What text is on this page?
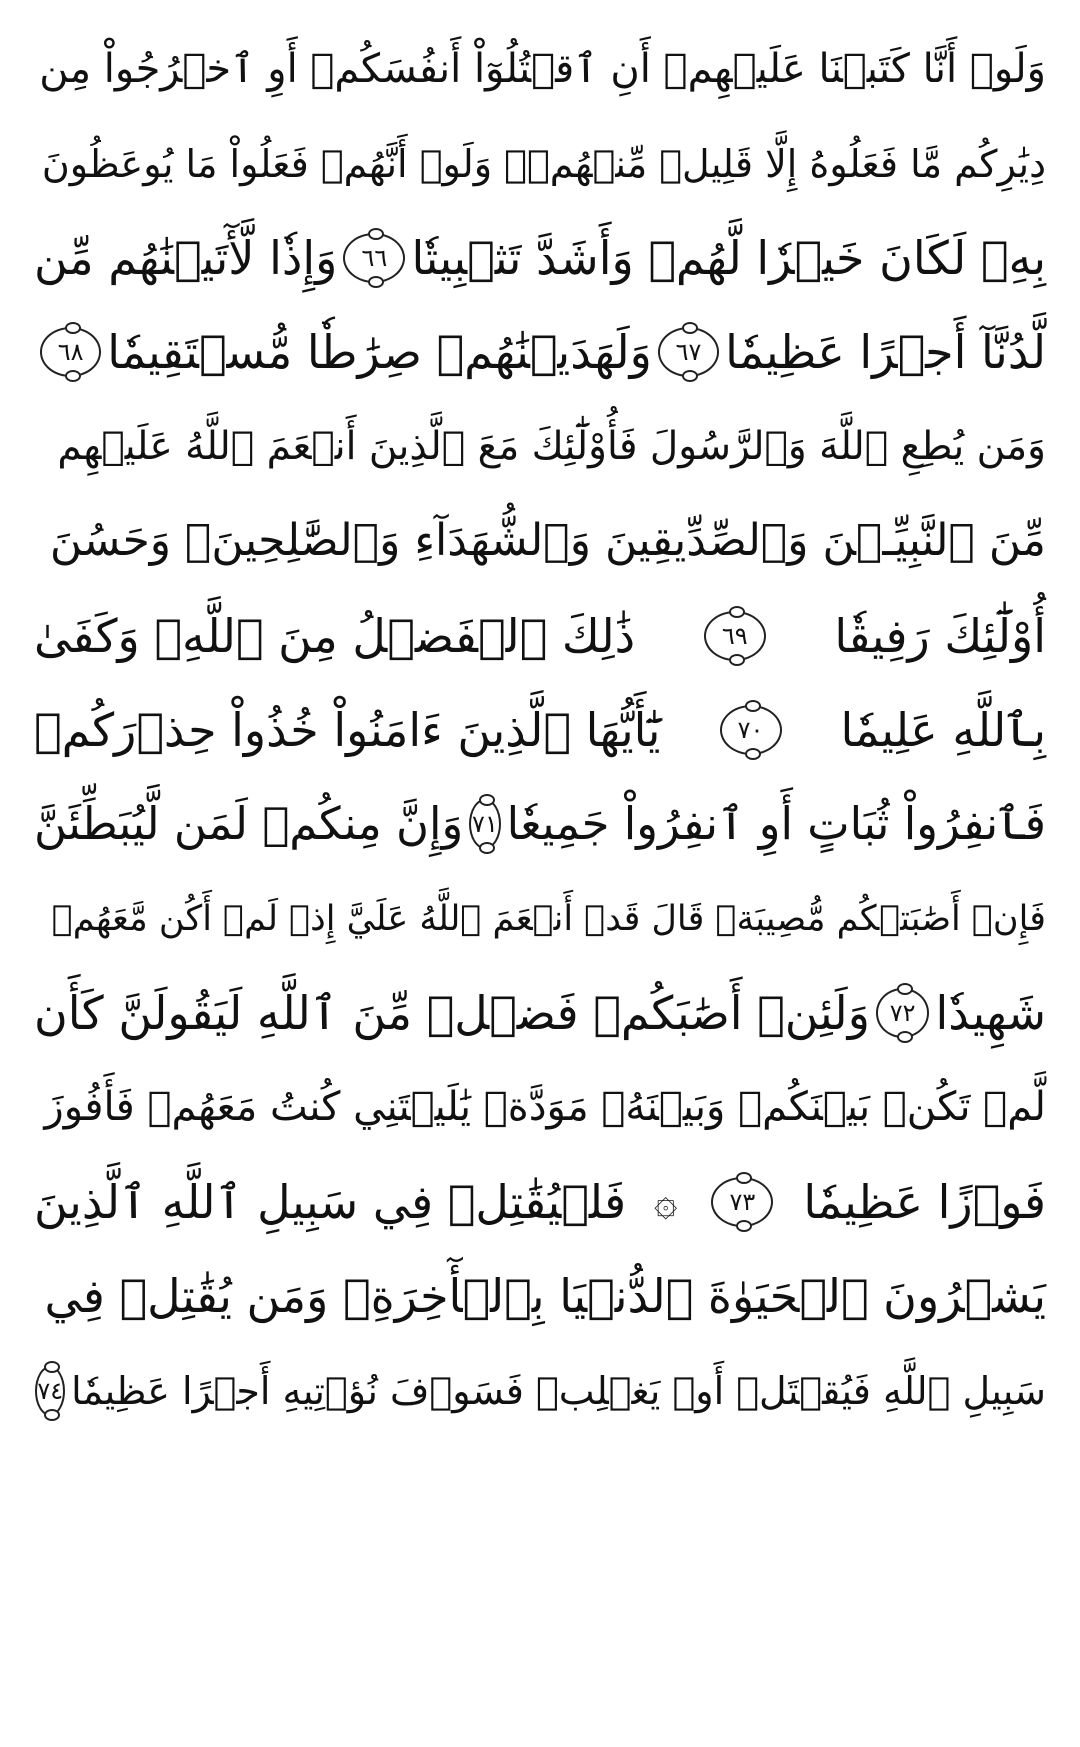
وَلَوۡ أَنَّا كَتَبۡنَا عَلَيۡهِمۡ أَنِ ٱقۡتُلُوٓاْ أَنفُسَكُمۡ أَوِ ٱخۡرُجُواْ مِن
دِيَٰرِكُم مَّا فَعَلُوهُ إِلَّا قَلِيلٞ مِّنۡهُمۡۖ وَلَوۡ أَنَّهُمۡ فَعَلُواْ مَا يُوعَظُونَ
بِهِۦ لَكَانَ خَيۡرٗا لَّهُمۡ وَأَشَدَّ تَثۡبِيتٗا
٦٦
وَإِذٗا لَّأٓتَيۡنَٰهُم مِّن
لَّدُنَّآ أَجۡرًا عَظِيمٗا
٦٧
وَلَهَدَيۡنَٰهُمۡ صِرَٰطٗا مُّسۡتَقِيمٗا
٦٨
وَمَن يُطِعِ ٱللَّهَ وَٱلرَّسُولَ فَأُوْلَٰٓئِكَ مَعَ ٱلَّذِينَ أَنۡعَمَ ٱللَّهُ عَلَيۡهِم
مِّنَ ٱلنَّبِيِّـۧنَ وَٱلصِّدِّيقِينَ وَٱلشُّهَدَآءِ وَٱلصَّٰلِحِينَۚ وَحَسُنَ
أُوْلَٰٓئِكَ رَفِيقٗا
٦٩
ذَٰلِكَ ٱلۡفَضۡلُ مِنَ ٱللَّهِۚ وَكَفَىٰ
بِٱللَّهِ عَلِيمٗا
٧٠
يَٰٓأَيُّهَا ٱلَّذِينَ ءَامَنُواْ خُذُواْ حِذۡرَكُمۡ
فَٱنفِرُواْ ثُبَاتٍ أَوِ ٱنفِرُواْ جَمِيعٗا
٧١
وَإِنَّ مِنكُمۡ لَمَن لَّيُبَطِّئَنَّ
فَإِنۡ أَصَٰبَتۡكُم مُّصِيبَةٞ قَالَ قَدۡ أَنۡعَمَ ٱللَّهُ عَلَيَّ إِذۡ لَمۡ أَكُن مَّعَهُمۡ
شَهِيدٗا
٧٢
وَلَئِنۡ أَصَٰبَكُمۡ فَضۡلٞ مِّنَ ٱللَّهِ لَيَقُولَنَّ كَأَن
لَّمۡ تَكُنۢ بَيۡنَكُمۡ وَبَيۡنَهُۥ مَوَدَّةٞ يَٰلَيۡتَنِي كُنتُ مَعَهُمۡ فَأَفُوزَ
فَوۡزًا عَظِيمٗا
٧٣
۞
فَلۡيُقَٰتِلۡ فِي سَبِيلِ ٱللَّهِ ٱلَّذِينَ
يَشۡرُونَ ٱلۡحَيَوٰةَ ٱلدُّنۡيَا بِٱلۡأٓخِرَةِۚ وَمَن يُقَٰتِلۡ فِي
سَبِيلِ ٱللَّهِ فَيُقۡتَلۡ أَوۡ يَغۡلِبۡ فَسَوۡفَ نُؤۡتِيهِ أَجۡرًا عَظِيمٗا
٧٤
